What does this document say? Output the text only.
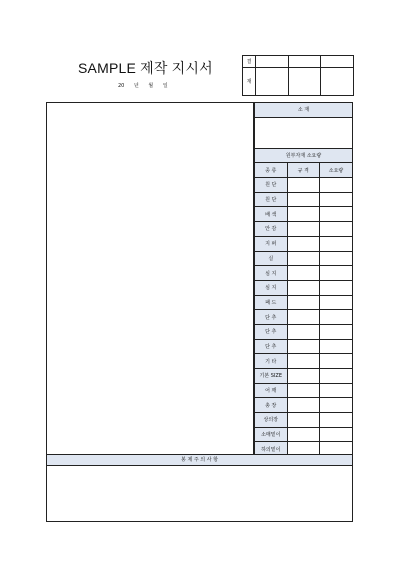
SAMPLE 제작 지시서
20 년 월 일
결			
재			
소 재		

원부자재 소요량		
종 류	규 격	소요량
원 단		
원 단		
배 색		
안 감		
지 퍼		
실		
심 지		
심 지		
패 드		
단 추		
단 추		
단 추		
기 타		
기본 SIZE		
어 깨		
총 장		
상의장		
소매밑이		
하의밑이		
봉 제 주 의 사 항
